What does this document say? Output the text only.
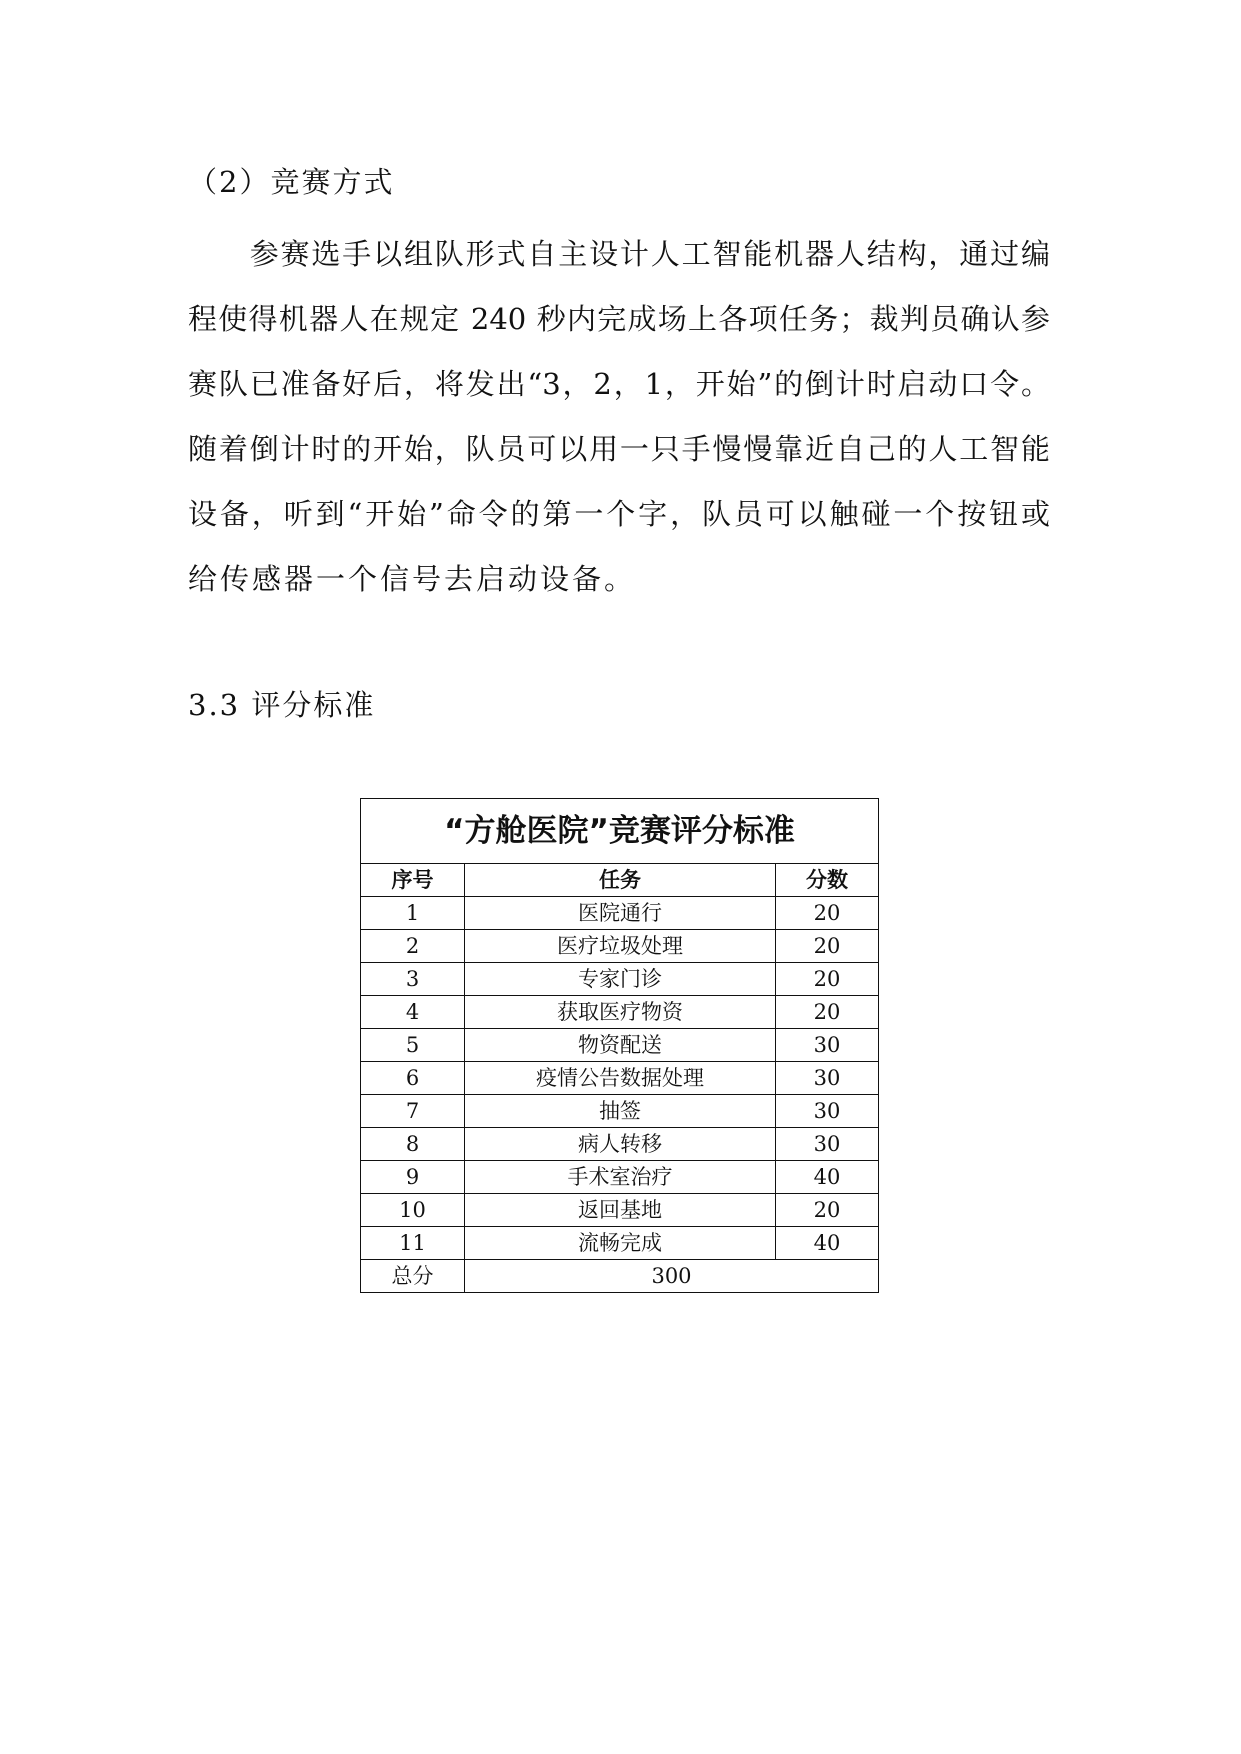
（2）竞赛方式
　　参赛选手以组队形式自主设计人工智能机器人结构，通过编
程使得机器人在规定 240 秒内完成场上各项任务；裁判员确认参
赛队已准备好后，将发出“3，2，1，开始”的倒计时启动口令。
随着倒计时的开始，队员可以用一只手慢慢靠近自己的人工智能
设备，听到“开始”命令的第一个字，队员可以触碰一个按钮或
给传感器一个信号去启动设备。
3.3 评分标准
“方舱医院”竞赛评分标准		
序号	任务	分数
1	医院通行	20
2	医疗垃圾处理	20
3	专家门诊	20
4	获取医疗物资	20
5	物资配送	30
6	疫情公告数据处理	30
7	抽签	30
8	病人转移	30
9	手术室治疗	40
10	返回基地	20
11	流畅完成	40
总分	300	
